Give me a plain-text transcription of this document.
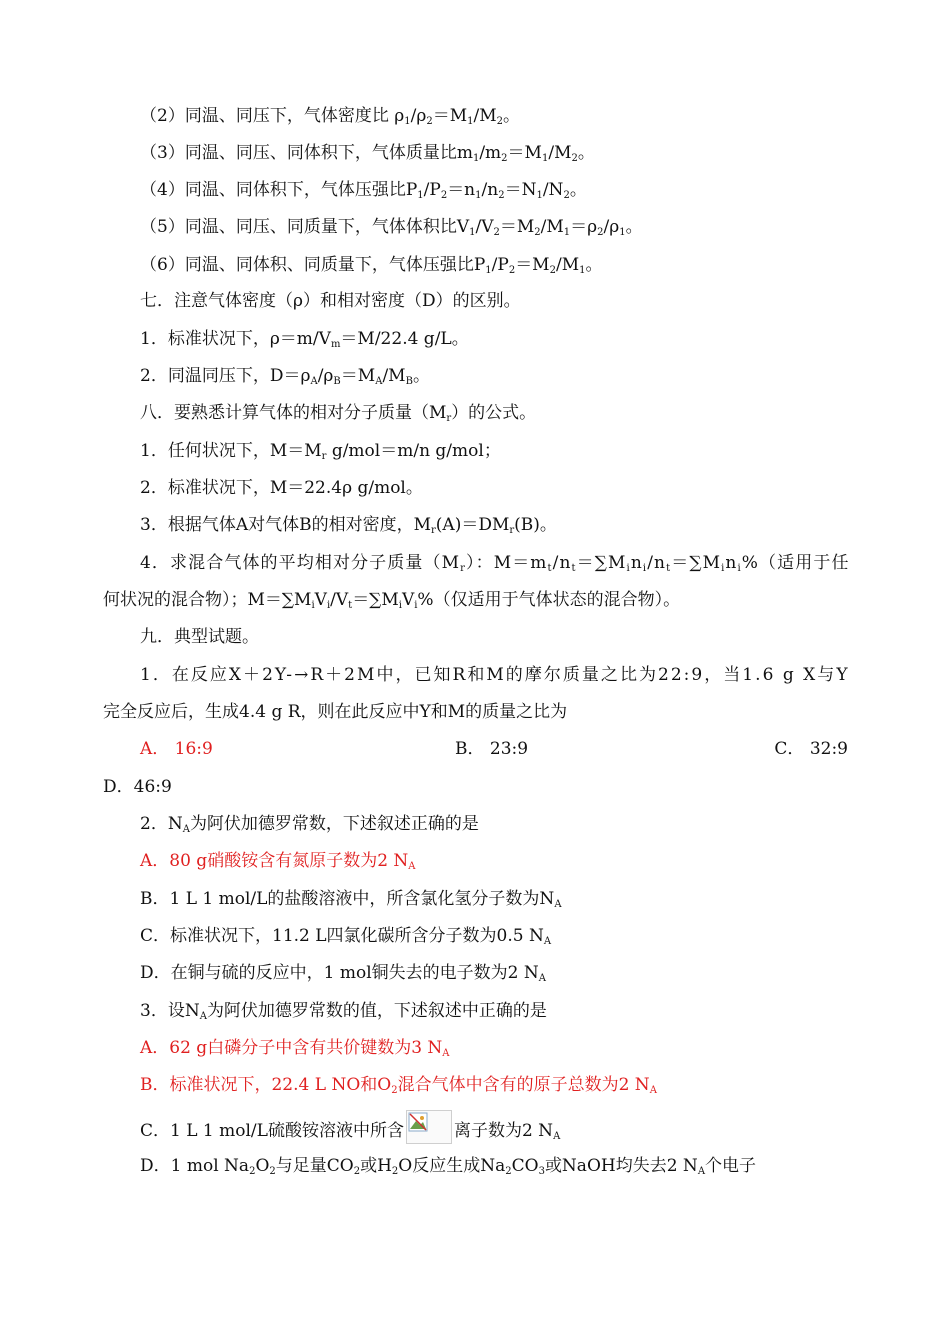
（2）同温、同压下，气体密度比 $\rho_1/\rho_2=M_1/M_2$。
（3）同温、同压、同体积下，气体质量比$m_1/m_2=M_1/M_2$。
（4）同温、同体积下，气体压强比$P_1/P_2=n_1/n_2=N_1/N_2$。
（5）同温、同压、同质量下，气体体积比$V_1/V_2=M_2/M_1=\rho_2/\rho_1$。
（6）同温、同体积、同质量下，气体压强比$P_1/P_2=M_2/M_1$。
七．注意气体密度（ρ）和相对密度（D）的区别。
1．标准状况下，$\rho=m/V_m=M/22.4$ g/L。
2．同温同压下，$D=\rho_A/\rho_B=M_A/M_B$。
八．要熟悉计算气体的相对分子质量$(M_r)$的公式。
1．任何状况下，$M=M_r$ g/mol＝m/n g/mol；
2．标准状况下，M＝22.4ρ g/mol。
3．根据气体A对气体B的相对密度，$M_r(A)=DM_r(B)$。
4．求混合气体的平均相对分子质量$(M_r)$：$M=m_t/n_t=\sum M_in_i/n_t=\sum M_in_i\%$（适用于任
何状况的混合物）；$M=\sum M_iV_i/V_t=\sum M_iV_i\%$（仅适用于气体状态的混合物）。
九．典型试题。
1．在反应X＋2Y-→R＋2M中，已知R和M的摩尔质量之比为22:9，当1.6 g X与Y
完全反应后，生成4.4 g R，则在此反应中Y和M的质量之比为
A． 16:9	B． 23:9	C． 32:9
D．46:9
2．$N_A$为阿伏加德罗常数，下述叙述正确的是
A．80 g硝酸铵含有氮原子数为2 $N_A$
B．1 L 1 mol/L的盐酸溶液中，所含氯化氢分子数为$N_A$
C．标准状况下，11.2 L四氯化碳所含分子数为0.5 $N_A$
D．在铜与硫的反应中，1 mol铜失去的电子数为2 $N_A$
3．设$N_A$为阿伏加德罗常数的值，下述叙述中正确的是
A．62 g白磷分子中含有共价键数为3 $N_A$
B．标准状况下，22.4 L NO和$O_2$混合气体中含有的原子总数为2 $N_A$
C．1 L 1 mol/L硫酸铵溶液中所含	离子数为2 $N_A$
D．1 mol $Na_2O_2$与足量$CO_2$或$H_2O$反应生成$Na_2CO_3$或NaOH均失去2 $N_A$个电子
